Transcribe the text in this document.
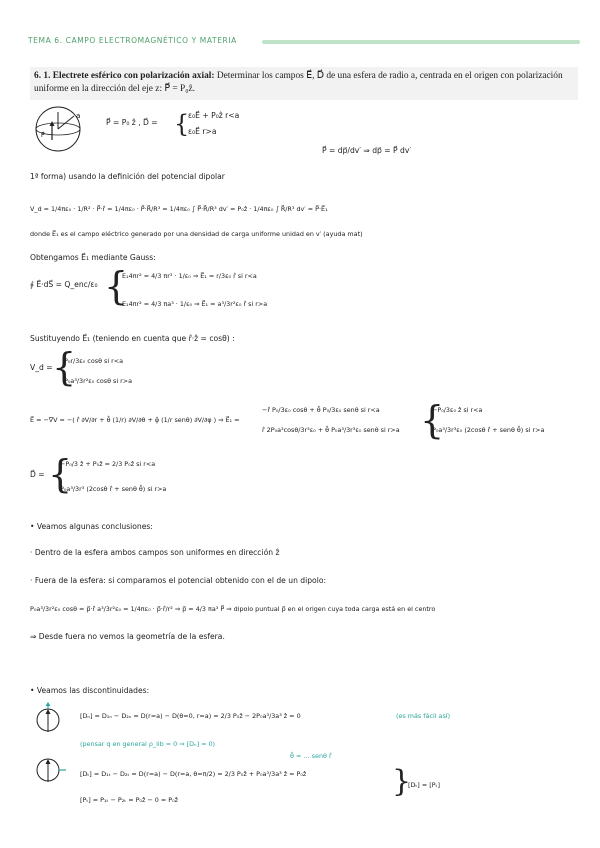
TEMA 6. CAMPO ELECTROMAGNÉTICO Y MATERIA
6. 1. Electrete esférico con polarización axial: Determinar los campos E⃗, D⃗ de una esfera de radio a, centrada en el origen con polarización uniforme en la dirección del eje z: P⃗ = P₀ẑ.
a
P⃗
P⃗ = P₀ ẑ , D⃗ = {
ε₀E⃗ + P₀ẑ r<a
ε₀E⃗ r>a
P⃗ = dp⃗/dv′ ⇒ dp⃗ = P⃗ dv′
1ª forma) usando la definición del potencial dipolar
V_d = 1/4πε₀ · 1/R² · P⃗·r̂ = 1/4πε₀ · P⃗·R⃗/R³ = 1/4πε₀ ∫ P⃗·R⃗/R³ dv′ = P₀ẑ · 1/4πε₀ ∫ R⃗/R³ dv′ = P⃗·E⃗₁
donde E⃗₁ es el campo eléctrico generado por una densidad de carga uniforme unidad en v′ (ayuda mat)
Obtengamos E⃗₁ mediante Gauss:
∮ E⃗·dS⃗ = Q_enc/ε₀ {
E₁4πr² = 4/3 πr³ · 1/ε₀ ⇒ E⃗₁ = r/3ε₀ r̂ si r<a
E₁4πr² = 4/3 πa³ · 1/ε₀ ⇒ E⃗₁ = a³/3r²ε₀ r̂ si r>a
Sustituyendo E⃗₁ (teniendo en cuenta que r̂·ẑ = cosθ) :
V_d = {
P₀r/3ε₀ cosθ si r<a
P₀a³/3r²ε₀ cosθ si r>a
E⃗ = −∇V = −( r̂ ∂V/∂r + θ̂ (1/r) ∂V/∂θ + φ̂ (1/r senθ) ∂V/∂φ ) ⇒ E⃗₁ =
−r̂ P₀/3ε₀ cosθ + θ̂ P₀/3ε₀ senθ si r<a
r̂ 2P₀a³cosθ/3r³ε₀ + θ̂ P₀a³/3r³ε₀ senθ si r>a {
−P₀/3ε₀ ẑ si r<a
P₀a³/3r³ε₀ (2cosθ r̂ + senθ θ̂) si r>a
D⃗ = {
−P₀/3 ẑ + P₀ẑ = 2/3 P₀ẑ si r<a
P₀a³/3r³ (2cosθ r̂ + senθ θ̂) si r>a
• Veamos algunas conclusiones:
· Dentro de la esfera ambos campos son uniformes en dirección ẑ
· Fuera de la esfera: si comparamos el potencial obtenido con el de un dipolo:
P₀a³/3r²ε₀ cosθ = p⃗·r̂ a³/3r²ε₀ = 1/4πε₀ · p⃗·r̂/r² ⇒ p⃗ = 4/3 πa³ P⃗ ⇒ dipolo puntual p⃗ en el origen cuya toda carga está en el centro
⇒ Desde fuera no vemos la geometría de la esfera.
• Veamos las discontinuidades:
[Dₙ] = D₁ₙ − D₂ₙ = D(r=a) − D(θ=0, r=a) = 2/3 P₀ẑ − 2P₀a³/3a³ ẑ = 0	(es más fácil así)
(pensar q en general ρ_lib = 0 ⇒ [Dₙ] = 0)
θ̂ = … senθ r̂
[Dₜ] = D₁ₜ − D₂ₜ = D(r=a) − D(r=a, θ=π/2) = 2/3 P₀ẑ + P₀a³/3a³ ẑ = P₀ẑ
[Pₜ] = P₁ₜ − P₂ₜ = P₀ẑ − 0 = P₀ẑ
}
[Dₜ] = [Pₜ]
